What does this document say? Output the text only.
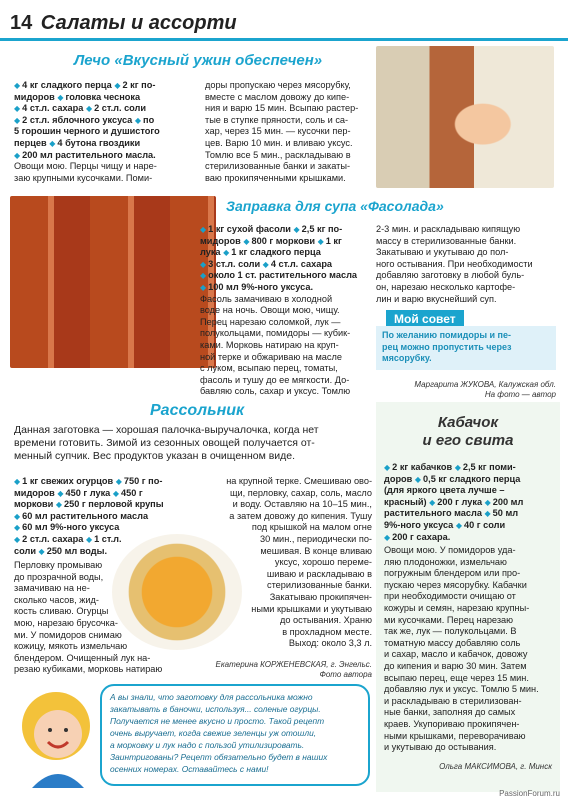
14 Салаты и ассорти
Лечо «Вкусный ужин обеспечен»
◆ 4 кг сладкого перца ◆ 2 кг по-
мидоров ◆ головка чеснока
◆ 4 ст.л. сахара ◆ 2 ст.л. соли
◆ 2 ст.л. яблочного уксуса ◆ по
5 горошин черного и душистого
перцев ◆ 4 бутона гвоздики
◆ 200 мл растительного масла.
Овощи мою. Перцы чищу и наре-
заю крупными кусочками. Поми-
доры пропускаю через мясорубку,
вместе с маслом довожу до кипе-
ния и варю 15 мин. Всыпаю растер-
тые в ступке пряности, соль и са-
хар, через 15 мин. — кусочки пер-
цев. Варю 10 мин. и вливаю уксус.
Томлю все 5 мин., раскладываю в
стерилизованные банки и закаты-
ваю прокипяченными крышками.
Заправка для супа «Фасолада»
◆ 1 кг сухой фасоли ◆ 2,5 кг по-
мидоров ◆ 800 г моркови ◆ 1 кг
лука ◆ 1 кг сладкого перца
◆ 3 ст.л. соли ◆ 4 ст.л. сахара
◆ около 1 ст. растительного масла
◆ 100 мл 9%-ного уксуса.
Фасоль замачиваю в холодной
воде на ночь. Овощи мою, чищу.
Перец нарезаю соломкой, лук —
полукольцами, помидоры — кубик-
ками. Морковь натираю на круп-
ной терке и обжариваю на масле
с луком, всыпаю перец, томаты,
фасоль и тушу до ее мягкости. До-
бавляю соль, сахар и уксус. Томлю
2-3 мин. и раскладываю кипящую
массу в стерилизованные банки.
Закатываю и укутываю до пол-
ного остывания. При необходимости
добавляю заготовку в любой буль-
он, нарезаю несколько картофе-
лин и варю вкуснейший суп.
Мой совет
По желанию помидоры и пе-
рец можно пропустить через
мясорубку.
Маргарита ЖУКОВА, Калужская обл.
На фото — автор
Рассольник
Данная заготовка — хорошая палочка-выручалочка, когда нет
времени готовить. Зимой из сезонных овощей получается от-
менный супчик. Вес продуктов указан в очищенном виде.
◆ 1 кг свежих огурцов ◆ 750 г по-
мидоров ◆ 450 г лука ◆ 450 г
моркови ◆ 250 г перловой крупы
◆ 60 мл растительного масла
◆ 60 мл 9%-ного уксуса
◆ 2 ст.л. сахара ◆ 1 ст.л.
соли ◆ 250 мл воды.
Перловку промываю
до прозрачной воды,
замачиваю на не-
сколько часов, жид-
кость сливаю. Огурцы
мою, нарезаю брусочка-
ми. У помидоров снимаю
кожицу, мякоть измельчаю
блендером. Очищенный лук на-
резаю кубиками, морковь натираю
на крупной терке. Смешиваю ово-
щи, перловку, сахар, соль, масло
и воду. Оставляю на 10–15 мин.,
а затем довожу до кипения. Тушу
под крышкой на малом огне
30 мин., периодически по-
мешивая. В конце вливаю
уксус, хорошо переме-
шиваю и раскладываю в
стерилизованные банки.
Закатываю прокипячен-
ными крышками и укутываю
до остывания. Храню
в прохладном месте.
Выход: около 3,3 л.
Екатерина КОРЖЕНЕВСКАЯ, г. Энгельс.
Фото автора
Кабачок
и его свита
◆ 2 кг кабачков ◆ 2,5 кг поми-
доров ◆ 0,5 кг сладкого перца
(для яркого цвета лучше –
красный) ◆ 200 г лука ◆ 200 мл
растительного масла ◆ 50 мл
9%-ного уксуса ◆ 40 г соли
◆ 200 г сахара.
Овощи мою. У помидоров уда-
ляю плодоножки, измельчаю
погружным блендером или про-
пускаю через мясорубку. Кабачки
при необходимости очищаю от
кожуры и семян, нарезаю крупны-
ми кусочками. Перец нарезаю
так же, лук — полукольцами. В
томатную массу добавляю соль
и сахар, масло и кабачок, довожу
до кипения и варю 30 мин. Затем
всыпаю перец, еще через 15 мин.
добавляю лук и уксус. Томлю 5 мин.
и раскладываю в стерилизован-
ные банки, заполняя до самых
краев. Укупориваю прокипячен-
ными крышками, переворачиваю
и укутываю до остывания.
Ольга МАКСИМОВА, г. Минск
А вы знали, что заготовку для рассольника можно
закатывать в баночки, используя... соленые огурцы.
Получается не менее вкусно и просто. Такой рецепт
очень выручает, когда свежие зеленцы уж отошли,
а морковку и лук надо с пользой утилизировать.
Заинтригованы? Рецепт обязательно будет в наших
осенних номерах. Оставайтесь с нами!
PassionForum.ru
